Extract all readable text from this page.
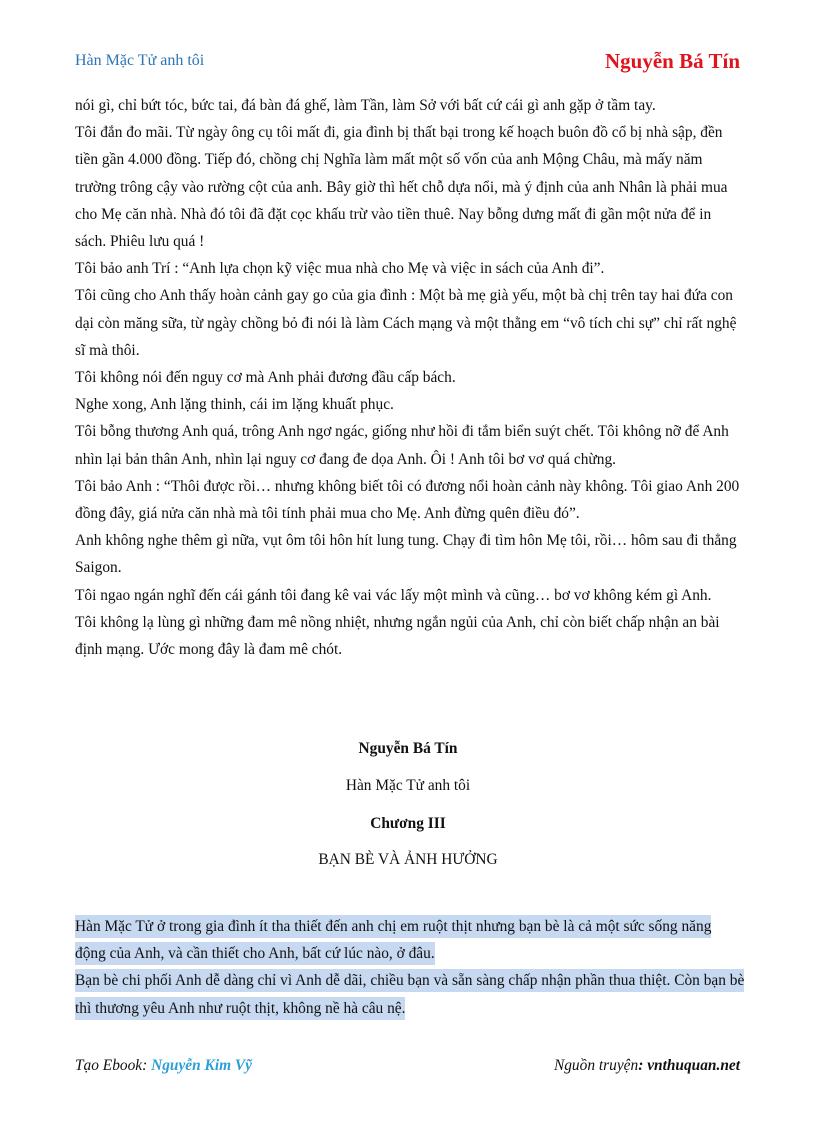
Hàn Mặc Tử anh tôi	Nguyễn Bá Tín

nói gì, chỉ bứt tóc, bức tai, đá bàn đá ghế, làm Tần, làm Sở với bất cứ cái gì anh gặp ở tầm tay.

Tôi đắn đo mãi. Từ ngày ông cụ tôi mất đi, gia đình bị thất bại trong kế hoạch buôn đồ cổ bị nhà sập, đền tiền gần 4.000 đồng. Tiếp đó, chồng chị Nghĩa làm mất một số vốn của anh Mộng Châu, mà mấy năm trường trông cậy vào rường cột của anh. Bây giờ thì hết chỗ dựa nổi, mà ý định của anh Nhân là phải mua cho Mẹ căn nhà. Nhà đó tôi đã đặt cọc khấu trừ vào tiền thuê. Nay bỗng dưng mất đi gần một nửa để in sách. Phiêu lưu quá !

Tôi bảo anh Trí : “Anh lựa chọn kỹ việc mua nhà cho Mẹ và việc in sách của Anh đi”.

Tôi cũng cho Anh thấy hoàn cảnh gay go của gia đình : Một bà mẹ già yếu, một bà chị trên tay hai đứa con dại còn măng sữa, từ ngày chồng bỏ đi nói là làm Cách mạng và một thằng em “vô tích chi sự” chỉ rất nghệ sĩ mà thôi.

Tôi không nói đến nguy cơ mà Anh phải đương đầu cấp bách.

Nghe xong, Anh lặng thinh, cái im lặng khuất phục.

Tôi bỗng thương Anh quá, trông Anh ngơ ngác, giống như hồi đi tắm biển suýt chết. Tôi không nỡ để Anh nhìn lại bản thân Anh, nhìn lại nguy cơ đang đe dọa Anh. Ôi ! Anh tôi bơ vơ quá chừng.

Tôi bảo Anh : “Thôi được rồi… nhưng không biết tôi có đương nổi hoàn cảnh này không. Tôi giao Anh 200 đồng đây, giá nửa căn nhà mà tôi tính phải mua cho Mẹ. Anh đừng quên điều đó”.

Anh không nghe thêm gì nữa, vụt ôm tôi hôn hít lung tung. Chạy đi tìm hôn Mẹ tôi, rồi… hôm sau đi thẳng Saigon.

Tôi ngao ngán nghĩ đến cái gánh tôi đang kê vai vác lấy một mình và cũng… bơ vơ không kém gì Anh.

Tôi không lạ lùng gì những đam mê nồng nhiệt, nhưng ngắn ngủi của Anh, chỉ còn biết chấp nhận an bài định mạng. Ước mong đây là đam mê chót.

Nguyễn Bá Tín
Hàn Mặc Tử anh tôi
Chương III
BẠN BÈ VÀ ẢNH HƯỞNG

Hàn Mặc Tử ở trong gia đình ít tha thiết đến anh chị em ruột thịt nhưng bạn bè là cả một sức sống năng động của Anh, và cần thiết cho Anh, bất cứ lúc nào, ở đâu.

Bạn bè chi phối Anh dễ dàng chỉ vì Anh dễ dãi, chiều bạn và sẵn sàng chấp nhận phần thua thiệt. Còn bạn bè thì thương yêu Anh như ruột thịt, không nề hà câu nệ.

Tạo Ebook: Nguyễn Kim Vỹ	Nguồn truyện: vnthuquan.net
